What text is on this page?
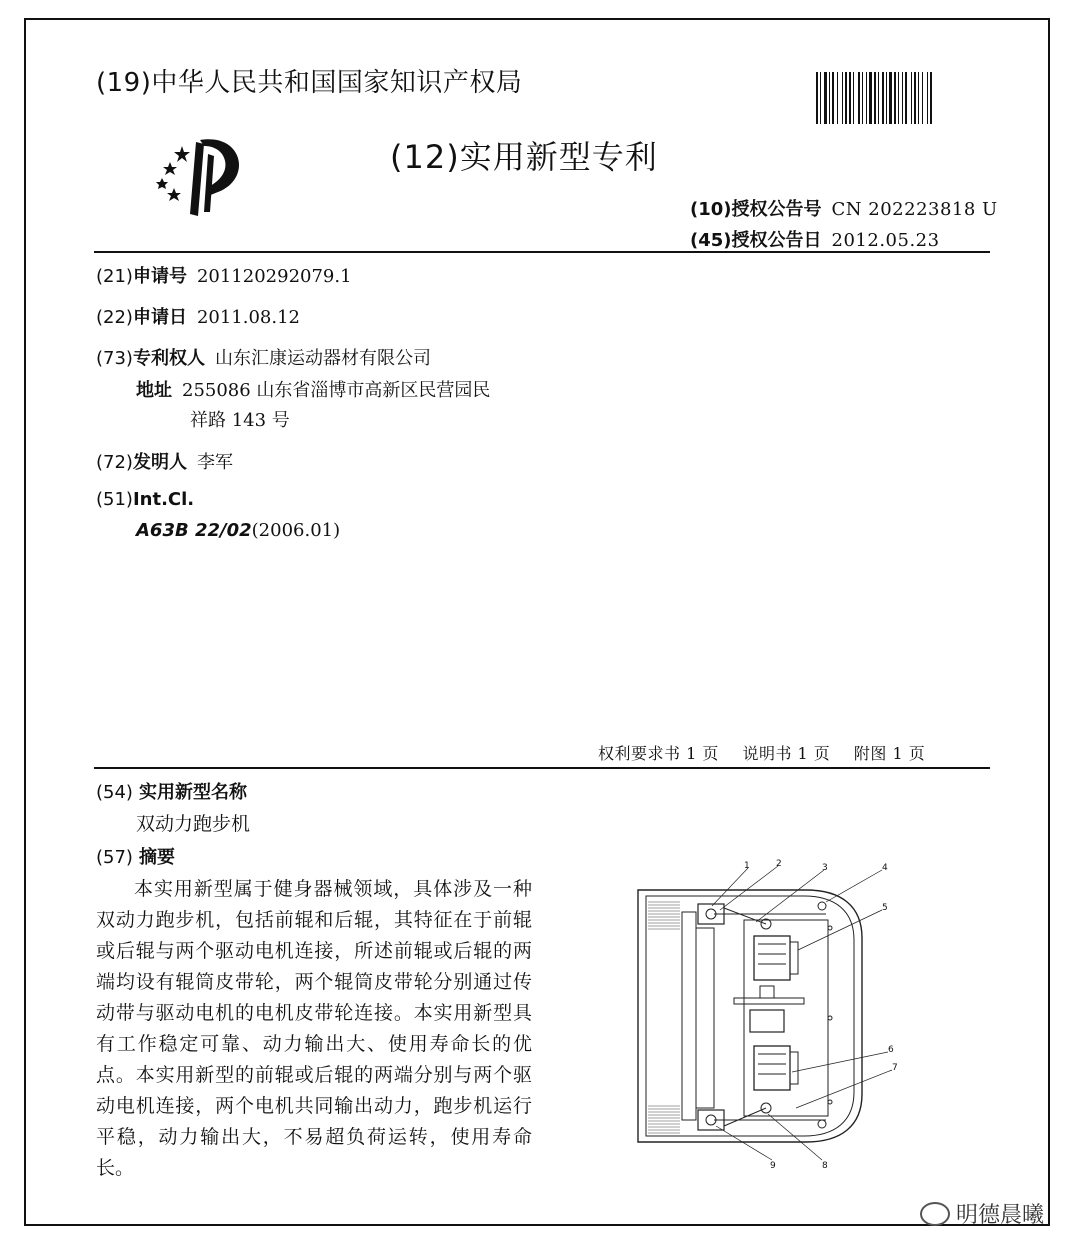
(19)中华人民共和国国家知识产权局
(12)实用新型专利
(10)授权公告号 CN 202223818 U
(45)授权公告日 2012.05.23
(21)申请号 201120292079.1
(22)申请日 2011.08.12
(73)专利权人 山东汇康运动器材有限公司
地址 255086 山东省淄博市高新区民营园民
祥路 143 号
(72)发明人 李军
(51)Int.Cl.
A63B 22/02(2006.01)
权利要求书 1 页 说明书 1 页 附图 1 页
(54) 实用新型名称
双动力跑步机
(57) 摘要

本实用新型属于健身器械领域，具体涉及一种双动力跑步机，包括前辊和后辊，其特征在于前辊或后辊与两个驱动电机连接，所述前辊或后辊的两端均设有辊筒皮带轮，两个辊筒皮带轮分别通过传动带与驱动电机的电机皮带轮连接。本实用新型具有工作稳定可靠、动力输出大、使用寿命长的优点。本实用新型的前辊或后辊的两端分别与两个驱动电机连接，两个电机共同输出动力，跑步机运行平稳，动力输出大，不易超负荷运转，使用寿命长。

1	2	3	4
5
6
7
8
9
明德晨曦
